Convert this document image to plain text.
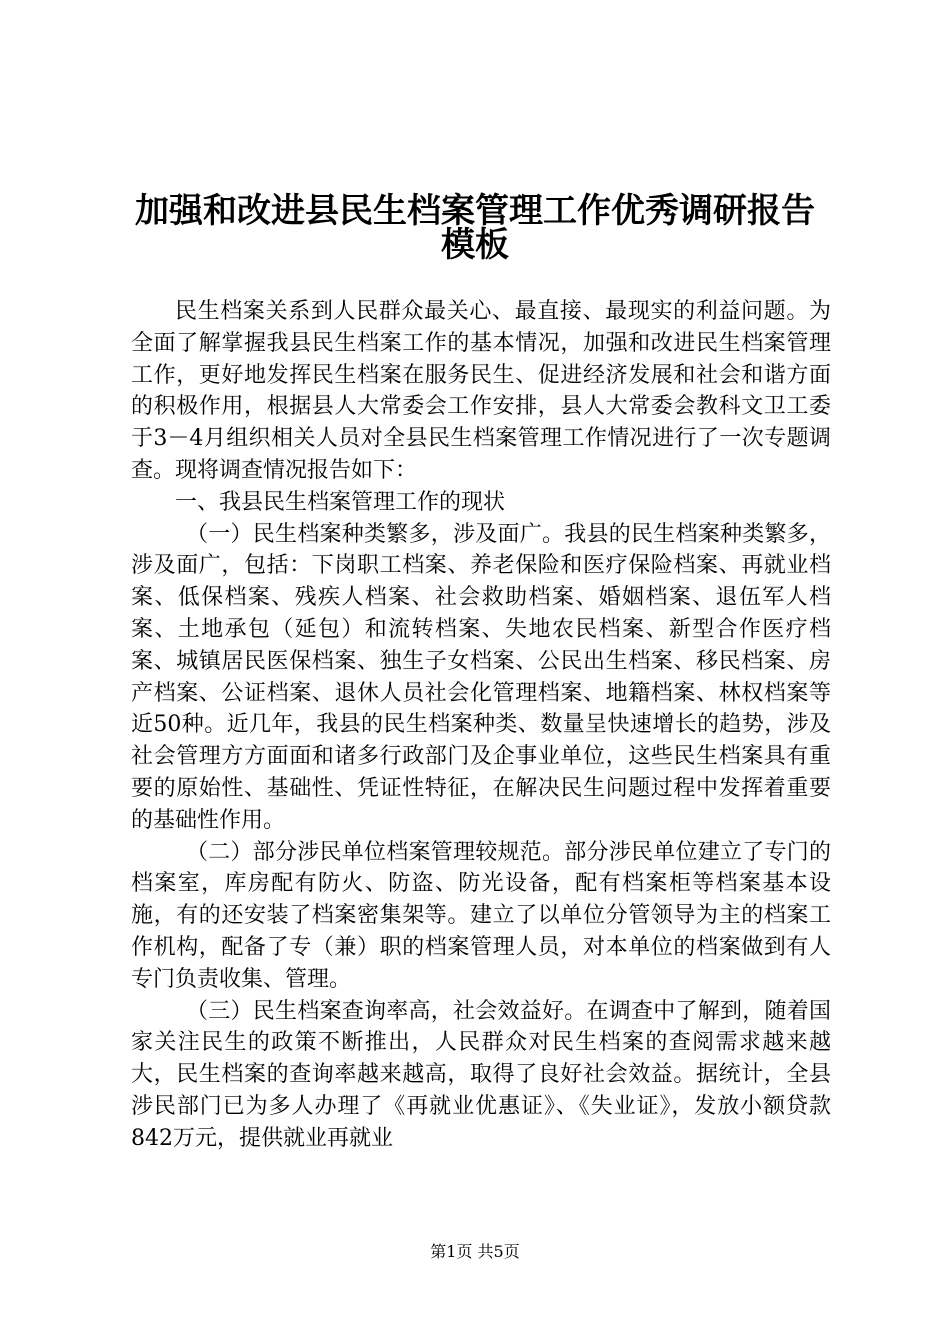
加强和改进县民生档案管理工作优秀调研报告
模板

民生档案关系到人民群众最关心、最直接、最现实的利益问题。为全面了解掌握我县民生档案工作的基本情况，加强和改进民生档案管理工作，更好地发挥民生档案在服务民生、促进经济发展和社会和谐方面的积极作用，根据县人大常委会工作安排，县人大常委会教科文卫工委于3－4月组织相关人员对全县民生档案管理工作情况进行了一次专题调查。现将调查情况报告如下：

一、我县民生档案管理工作的现状

（一）民生档案种类繁多，涉及面广。我县的民生档案种类繁多，涉及面广，包括：下岗职工档案、养老保险和医疗保险档案、再就业档案、低保档案、残疾人档案、社会救助档案、婚姻档案、退伍军人档案、土地承包（延包）和流转档案、失地农民档案、新型合作医疗档案、城镇居民医保档案、独生子女档案、公民出生档案、移民档案、房产档案、公证档案、退休人员社会化管理档案、地籍档案、林权档案等近50种。近几年，我县的民生档案种类、数量呈快速增长的趋势，涉及社会管理方方面面和诸多行政部门及企事业单位，这些民生档案具有重要的原始性、基础性、凭证性特征，在解决民生问题过程中发挥着重要的基础性作用。

（二）部分涉民单位档案管理较规范。部分涉民单位建立了专门的档案室，库房配有防火、防盗、防光设备，配有档案柜等档案基本设施，有的还安装了档案密集架等。建立了以单位分管领导为主的档案工作机构，配备了专（兼）职的档案管理人员，对本单位的档案做到有人专门负责收集、管理。

（三）民生档案查询率高，社会效益好。在调查中了解到，随着国家关注民生的政策不断推出，人民群众对民生档案的查阅需求越来越大，民生档案的查询率越来越高，取得了良好社会效益。据统计，全县涉民部门已为多人办理了《再就业优惠证》、《失业证》，发放小额贷款842万元，提供就业再就业

第1页 共5页
